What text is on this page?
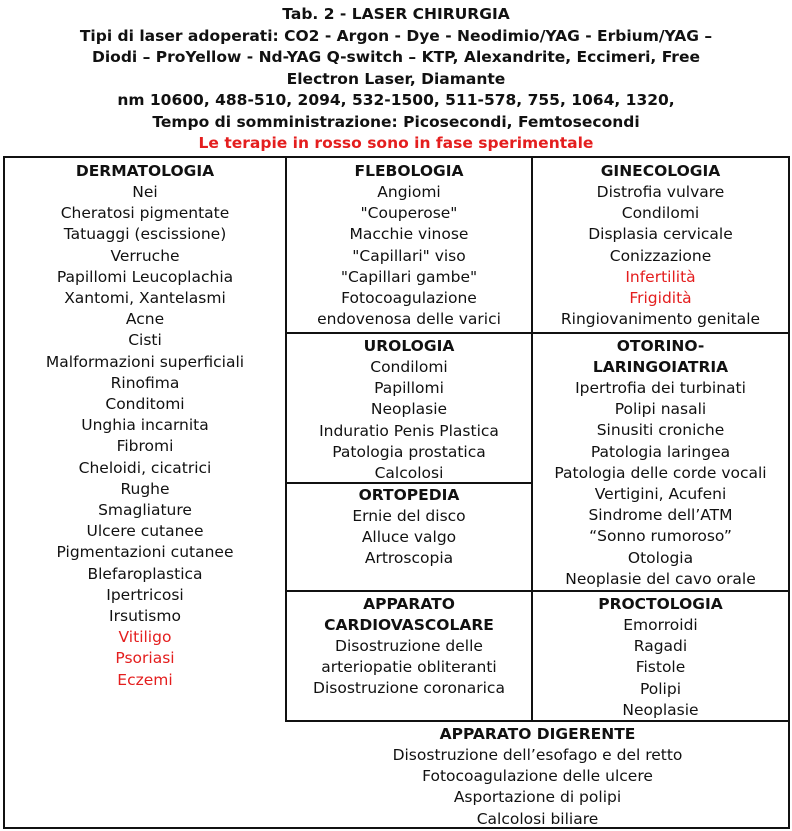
Tab. 2 - LASER CHIRURGIA
Tipi di laser adoperati: CO2 - Argon - Dye - Neodimio/YAG - Erbium/YAG –
Diodi – ProYellow - Nd-YAG Q-switch – KTP, Alexandrite, Eccimeri, Free
Electron Laser, Diamante
nm 10600, 488-510, 2094, 532-1500, 511-578, 755, 1064, 1320,
Tempo di somministrazione: Picosecondi, Femtosecondi
Le terapie in rosso sono in fase sperimentale
DERMATOLOGIA
Nei
Cheratosi pigmentate
Tatuaggi (escissione)
Verruche
Papillomi Leucoplachia
Xantomi, Xantelasmi
Acne
Cisti
Malformazioni superficiali
Rinofima
Conditomi
Unghia incarnita
Fibromi
Cheloidi, cicatrici
Rughe
Smagliature
Ulcere cutanee
Pigmentazioni cutanee
Blefaroplastica
Ipertricosi
Irsutismo
Vitiligo
Psoriasi
Eczemi
FLEBOLOGIA
Angiomi
"Couperose"
Macchie vinose
"Capillari" viso
"Capillari gambe"
Fotocoagulazione
endovenosa delle varici
GINECOLOGIA
Distrofia vulvare
Condilomi
Displasia cervicale
Conizzazione
Infertilità
Frigidità
Ringiovanimento genitale
UROLOGIA
Condilomi
Papillomi
Neoplasie
Induratio Penis Plastica
Patologia prostatica
Calcolosi
OTORINO-
LARINGOIATRIA
Ipertrofia dei turbinati
Polipi nasali
Sinusiti croniche
Patologia laringea
Patologia delle corde vocali
Vertigini, Acufeni
Sindrome dell’ATM
“Sonno rumoroso”
Otologia
Neoplasie del cavo orale
ORTOPEDIA
Ernie del disco
Alluce valgo
Artroscopia
APPARATO
CARDIOVASCOLARE
Disostruzione delle
arteriopatie obliteranti
Disostruzione coronarica
PROCTOLOGIA
Emorroidi
Ragadi
Fistole
Polipi
Neoplasie
APPARATO DIGERENTE
Disostruzione dell’esofago e del retto
Fotocoagulazione delle ulcere
Asportazione di polipi
Calcolosi biliare
